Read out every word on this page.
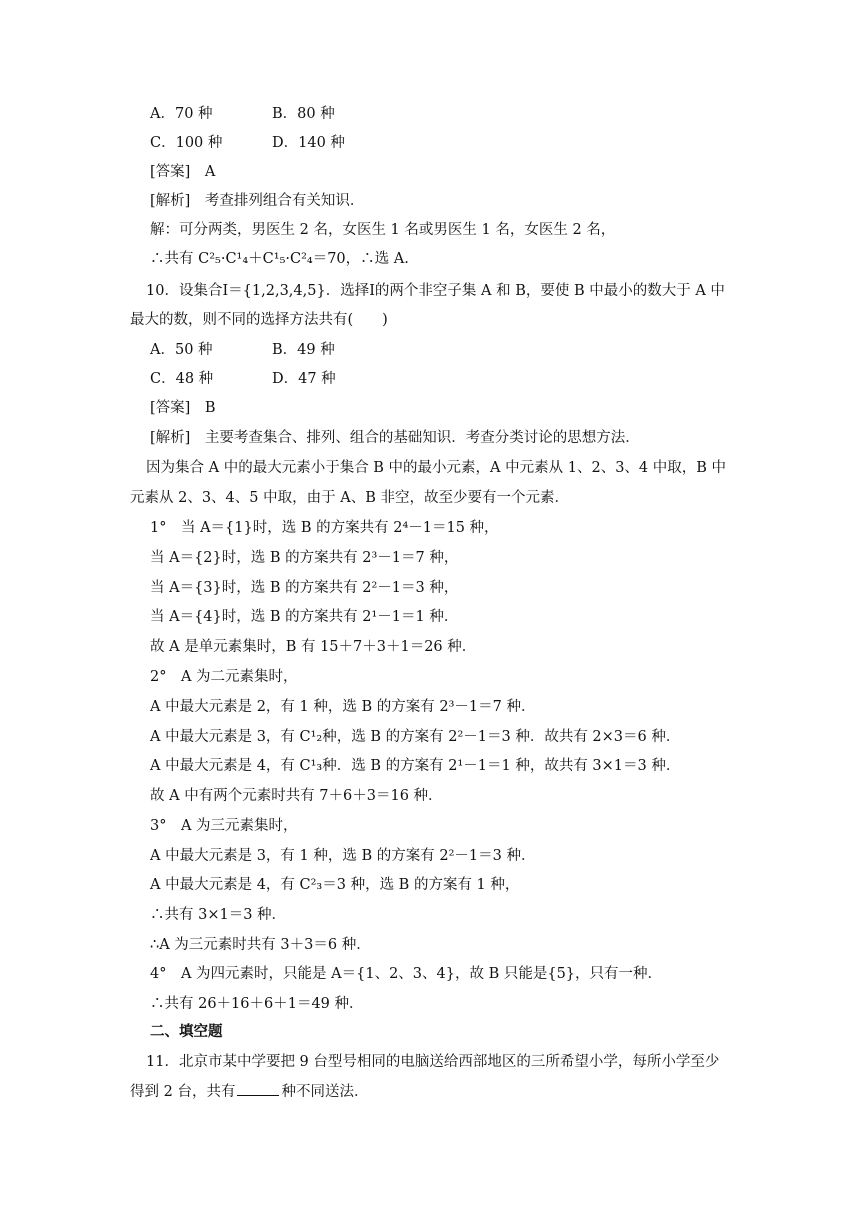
A．70 种	B．80 种
C．100 种	D．140 种
[答案]　A
[解析]　考查排列组合有关知识．
解：可分两类，男医生 2 名，女医生 1 名或男医生 1 名，女医生 2 名，
∴共有 C²₅·C¹₄＋C¹₅·C²₄＝70，∴选 A.
10．设集合Ⅰ＝{1,2,3,4,5}．选择Ⅰ的两个非空子集 A 和 B，要使 B 中最小的数大于 A 中
最大的数，则不同的选择方法共有(　　)
A．50 种	B．49 种
C．48 种	D．47 种
[答案]　B
[解析]　主要考查集合、排列、组合的基础知识．考查分类讨论的思想方法．
因为集合 A 中的最大元素小于集合 B 中的最小元素，A 中元素从 1、2、3、4 中取，B 中
元素从 2、3、4、5 中取，由于 A、B 非空，故至少要有一个元素．
1°　当 A＝{1}时，选 B 的方案共有 2⁴－1＝15 种，
当 A＝{2}时，选 B 的方案共有 2³－1＝7 种，
当 A＝{3}时，选 B 的方案共有 2²－1＝3 种，
当 A＝{4}时，选 B 的方案共有 2¹－1＝1 种．
故 A 是单元素集时，B 有 15＋7＋3＋1＝26 种．
2°　A 为二元素集时，
A 中最大元素是 2，有 1 种，选 B 的方案有 2³－1＝7 种．
A 中最大元素是 3，有 C¹₂种，选 B 的方案有 2²－1＝3 种．故共有 2×3＝6 种．
A 中最大元素是 4，有 C¹₃种．选 B 的方案有 2¹－1＝1 种，故共有 3×1＝3 种．
故 A 中有两个元素时共有 7＋6＋3＝16 种．
3°　A 为三元素集时，
A 中最大元素是 3，有 1 种，选 B 的方案有 2²－1＝3 种．
A 中最大元素是 4，有 C²₃＝3 种，选 B 的方案有 1 种，
∴共有 3×1＝3 种．
∴A 为三元素时共有 3＋3＝6 种．
4°　A 为四元素时，只能是 A＝{1、2、3、4}，故 B 只能是{5}，只有一种．
∴共有 26＋16＋6＋1＝49 种．
二、填空题
11．北京市某中学要把 9 台型号相同的电脑送给西部地区的三所希望小学，每所小学至少
得到 2 台，共有	种不同送法．
